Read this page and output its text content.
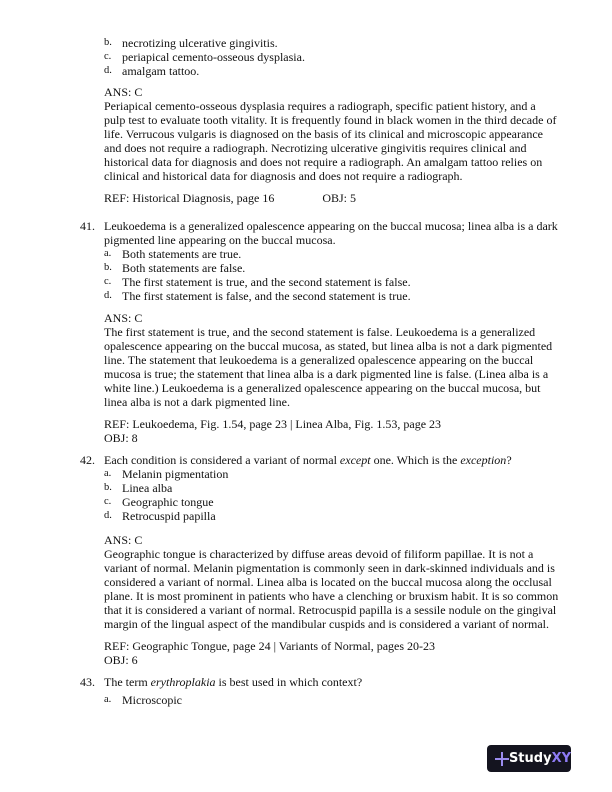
b. necrotizing ulcerative gingivitis.
c. periapical cemento-osseous dysplasia.
d. amalgam tattoo.
ANS: C
Periapical cemento-osseous dysplasia requires a radiograph, specific patient history, and a
pulp test to evaluate tooth vitality. It is frequently found in black women in the third decade of
life. Verrucous vulgaris is diagnosed on the basis of its clinical and microscopic appearance
and does not require a radiograph. Necrotizing ulcerative gingivitis requires clinical and
historical data for diagnosis and does not require a radiograph. An amalgam tattoo relies on
clinical and historical data for diagnosis and does not require a radiograph.
REF: Historical Diagnosis, page 16	OBJ: 5
41. Leukoedema is a generalized opalescence appearing on the buccal mucosa; linea alba is a dark
pigmented line appearing on the buccal mucosa.
a. Both statements are true.
b. Both statements are false.
c. The first statement is true, and the second statement is false.
d. The first statement is false, and the second statement is true.
ANS: C
The first statement is true, and the second statement is false. Leukoedema is a generalized
opalescence appearing on the buccal mucosa, as stated, but linea alba is not a dark pigmented
line. The statement that leukoedema is a generalized opalescence appearing on the buccal
mucosa is true; the statement that linea alba is a dark pigmented line is false. (Linea alba is a
white line.) Leukoedema is a generalized opalescence appearing on the buccal mucosa, but
linea alba is not a dark pigmented line.
REF: Leukoedema, Fig. 1.54, page 23 | Linea Alba, Fig. 1.53, page 23
OBJ: 8
42. Each condition is considered a variant of normal except one. Which is the exception?
a. Melanin pigmentation
b. Linea alba
c. Geographic tongue
d. Retrocuspid papilla
ANS: C
Geographic tongue is characterized by diffuse areas devoid of filiform papillae. It is not a
variant of normal. Melanin pigmentation is commonly seen in dark-skinned individuals and is
considered a variant of normal. Linea alba is located on the buccal mucosa along the occlusal
plane. It is most prominent in patients who have a clenching or bruxism habit. It is so common
that it is considered a variant of normal. Retrocuspid papilla is a sessile nodule on the gingival
margin of the lingual aspect of the mandibular cuspids and is considered a variant of normal.
REF: Geographic Tongue, page 24 | Variants of Normal, pages 20-23
OBJ: 6
43. The term erythroplakia is best used in which context?
a. Microscopic
Study XY
